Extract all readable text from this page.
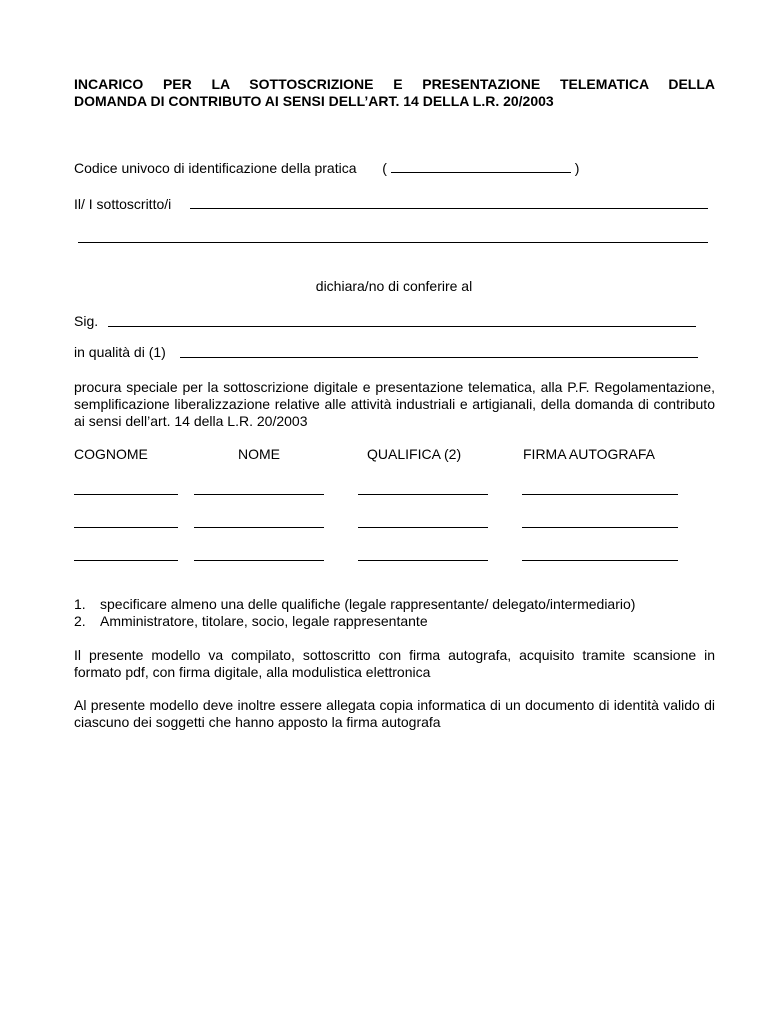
INCARICO PER LA SOTTOSCRIZIONE E PRESENTAZIONE TELEMATICA DELLA
DOMANDA DI CONTRIBUTO AI SENSI DELL’ART. 14 DELLA L.R. 20/2003
Codice univoco di identificazione della pratica (	)
Il/ I sottoscritto/i
dichiara/no di conferire al
Sig.
in qualità di (1)

procura speciale per la sottoscrizione digitale e presentazione telematica, alla P.F. Regolamentazione, semplificazione liberalizzazione relative alle attività industriali e artigianali, della domanda di contributo ai sensi dell’art. 14 della L.R. 20/2003

COGNOME	NOME	QUALIFICA (2)	FIRMA AUTOGRAFA
1. specificare almeno una delle qualifiche (legale rappresentante/ delegato/intermediario)
2. Amministratore, titolare, socio, legale rappresentante

Il presente modello va compilato, sottoscritto con firma autografa, acquisito tramite scansione in formato pdf, con firma digitale, alla modulistica elettronica

Al presente modello deve inoltre essere allegata copia informatica di un documento di identità valido di ciascuno dei soggetti che hanno apposto la firma autografa
